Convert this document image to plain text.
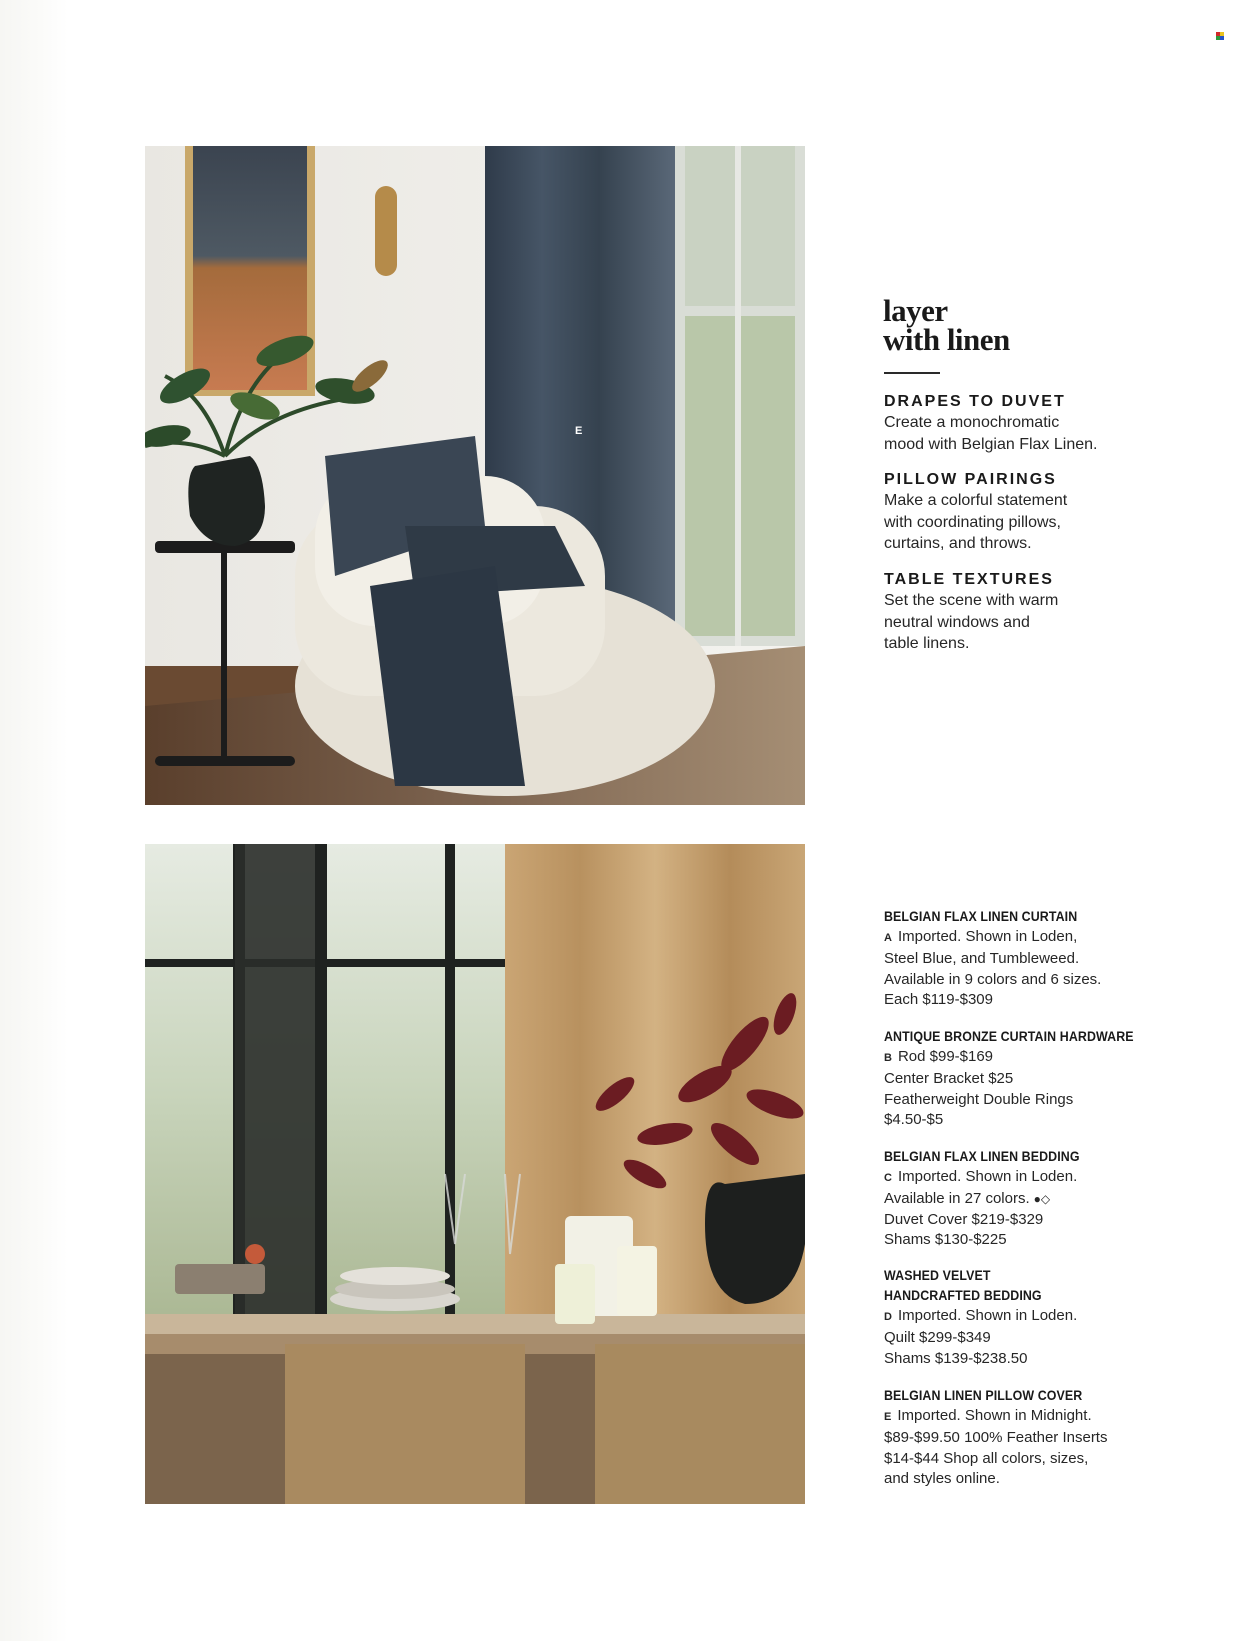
E
layer
with linen
DRAPES TO DUVET
Create a monochromatic
mood with Belgian Flax Linen.
PILLOW PAIRINGS
Make a colorful statement
with coordinating pillows,
curtains, and throws.
TABLE TEXTURES
Set the scene with warm
neutral windows and
table linens.
BELGIAN FLAX LINEN CURTAIN
A Imported. Shown in Loden,
Steel Blue, and Tumbleweed.
Available in 9 colors and 6 sizes.
Each $119-$309
ANTIQUE BRONZE CURTAIN HARDWARE
B Rod $99-$169
Center Bracket $25
Featherweight Double Rings
$4.50-$5
BELGIAN FLAX LINEN BEDDING
C Imported. Shown in Loden.
Available in 27 colors. ●◇
Duvet Cover $219-$329
Shams $130-$225
WASHED VELVET
HANDCRAFTED BEDDING
D Imported. Shown in Loden.
Quilt $299-$349
Shams $139-$238.50
BELGIAN LINEN PILLOW COVER
E Imported. Shown in Midnight.
$89-$99.50 100% Feather Inserts
$14-$44 Shop all colors, sizes,
and styles online.
